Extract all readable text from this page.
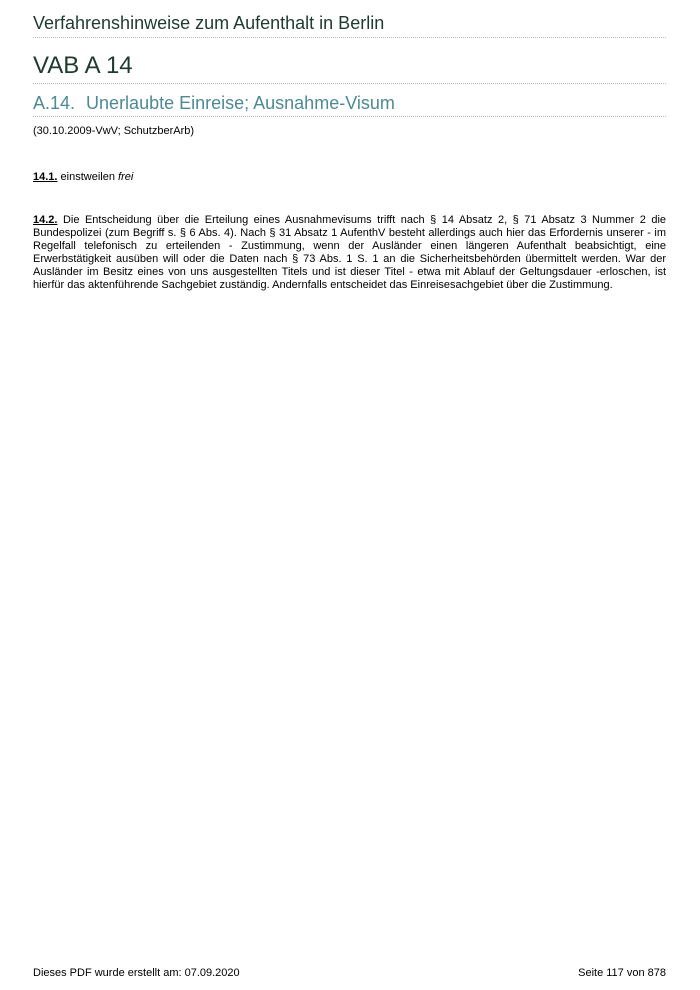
Verfahrenshinweise zum Aufenthalt in Berlin
VAB A 14
A.14. Unerlaubte Einreise; Ausnahme-Visum
(30.10.2009-VwV; SchutzberArb)
14.1. einstweilen frei
14.2. Die Entscheidung über die Erteilung eines Ausnahmevisums trifft nach § 14 Absatz 2, § 71 Absatz 3 Nummer 2 die Bundespolizei (zum Begriff s. § 6 Abs. 4). Nach § 31 Absatz 1 AufenthV besteht allerdings auch hier das Erfordernis unserer - im Regelfall telefonisch zu erteilenden - Zustimmung, wenn der Ausländer einen längeren Aufenthalt beabsichtigt, eine Erwerbstätigkeit ausüben will oder die Daten nach § 73 Abs. 1 S. 1 an die Sicherheitsbehörden übermittelt werden. War der Ausländer im Besitz eines von uns ausgestellten Titels und ist dieser Titel - etwa mit Ablauf der Geltungsdauer -erloschen, ist hierfür das aktenführende Sachgebiet zuständig. Andernfalls entscheidet das Einreisesachgebiet über die Zustimmung.
Dieses PDF wurde erstellt am: 07.09.2020	Seite 117 von 878
